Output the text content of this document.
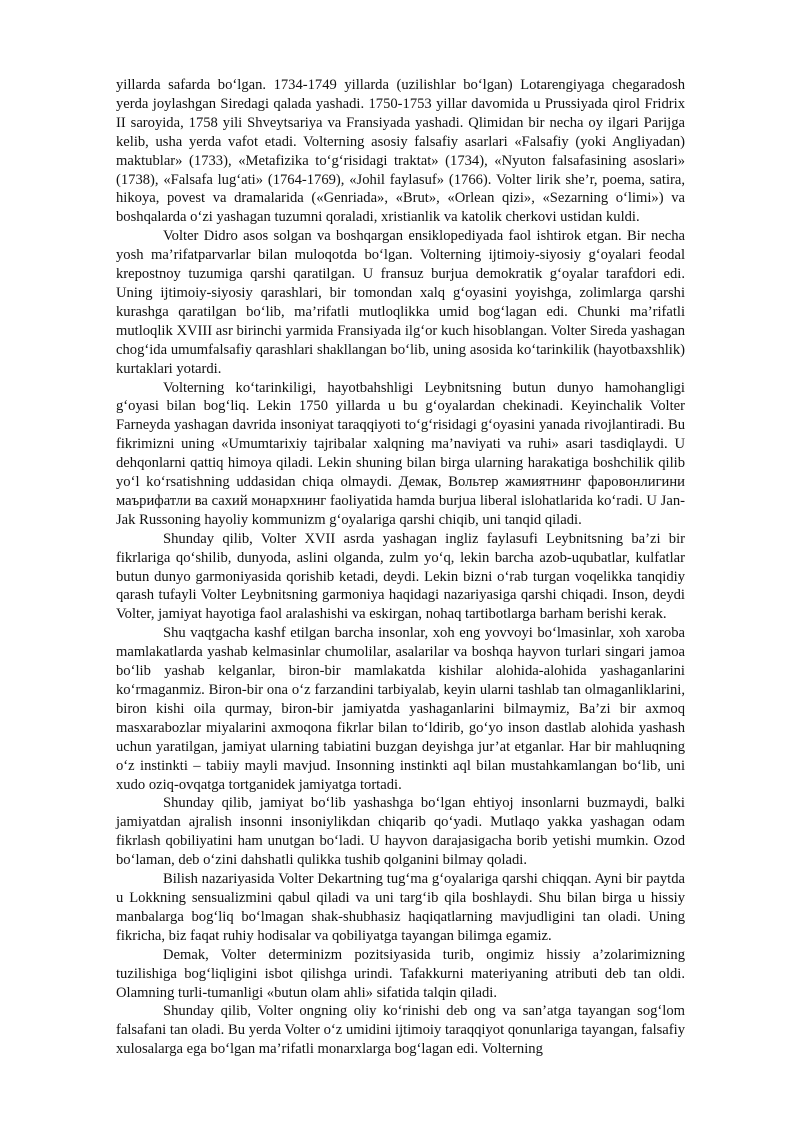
yillarda safarda bo‘lgan. 1734-1749 yillarda (uzilishlar bo‘lgan) Lotarengiyaga chegaradosh yerda joylashgan Siredagi qalada yashadi. 1750-1753 yillar davomida u Prussiyada qirol Fridrix II saroyida, 1758 yili Shveytsariya va Fransiyada yashadi. Qlimidan bir necha oy ilgari Parijga kelib, usha yerda vafot etadi. Volterning asosiy falsafiy asarlari «Falsafiy (yoki Angliyadan) maktublar» (1733), «Metafizika to‘g‘risidagi traktat» (1734), «Nyuton falsafasining asoslari» (1738), «Falsafa lug‘ati» (1764-1769), «Johil faylasuf» (1766). Volter lirik she’r, poema, satira, hikoya, povest va dramalarida («Genriada», «Brut», «Orlean qizi», «Sezarning o‘limi») va boshqalarda o‘zi yashagan tuzumni qoraladi, xristianlik va katolik cherkovi ustidan kuldi.

Volter Didro asos solgan va boshqargan ensiklopediyada faol ishtirok etgan. Bir necha yosh ma’rifatparvarlar bilan muloqotda bo‘lgan. Volterning ijtimoiy-siyosiy g‘oyalari feodal krepostnoy tuzumiga qarshi qaratilgan. U fransuz burjua demokratik g‘oyalar tarafdori edi. Uning ijtimoiy-siyosiy qarashlari, bir tomondan xalq g‘oyasini yoyishga, zolimlarga qarshi kurashga qaratilgan bo‘lib, ma’rifatli mutloqlikka umid bog‘lagan edi. Chunki ma’rifatli mutloqlik XVIII asr birinchi yarmida Fransiyada ilg‘or kuch hisoblangan. Volter Sireda yashagan chog‘ida umumfalsafiy qarashlari shakllangan bo‘lib, uning asosida ko‘tarinkilik (hayotbaxshlik) kurtaklari yotardi.

Volterning ko‘tarinkiligi, hayotbahshligi Leybnitsning butun dunyo hamohangligi g‘oyasi bilan bog‘liq. Lekin 1750 yillarda u bu g‘oyalardan chekinadi. Keyinchalik Volter Farneyda yashagan davrida insoniyat taraqqiyoti to‘g‘risidagi g‘oyasini yanada rivojlantiradi. Bu fikrimizni uning «Umumtarixiy tajribalar xalqning ma’naviyati va ruhi» asari tasdiqlaydi. U dehqonlarni qattiq himoya qiladi. Lekin shuning bilan birga ularning harakatiga boshchilik qilib yo‘l ko‘rsatishning uddasidan chiqa olmaydi. Демак, Вольтер жамиятнинг фаровонлигини маърифатли ва сахий монархнинг faoliyatida hamda burjua liberal islohatlarida ko‘radi. U Jan-Jak Russoning hayoliy kommunizm g‘oyalariga qarshi chiqib, uni tanqid qiladi.

Shunday qilib, Volter XVII asrda yashagan ingliz faylasufi Leybnitsning ba’zi bir fikrlariga qo‘shilib, dunyoda, aslini olganda, zulm yo‘q, lekin barcha azob-uqubatlar, kulfatlar butun dunyo garmoniyasida qorishib ketadi, deydi. Lekin bizni o‘rab turgan voqelikka tanqidiy qarash tufayli Volter Leybnitsning garmoniya haqidagi nazariyasiga qarshi chiqadi. Inson, deydi Volter, jamiyat hayotiga faol aralashishi va eskirgan, nohaq tartibotlarga barham berishi kerak.

Shu vaqtgacha kashf etilgan barcha insonlar, xoh eng yovvoyi bo‘lmasinlar, xoh xaroba mamlakatlarda yashab kelmasinlar chumolilar, asalarilar va boshqa hayvon turlari singari jamoa bo‘lib yashab kelganlar, biron-bir mamlakatda kishilar alohida-alohida yashaganlarini ko‘rmaganmiz. Biron-bir ona o‘z farzandini tarbiyalab, keyin ularni tashlab tan olmaganliklarini, biron kishi oila qurmay, biron-bir jamiyatda yashaganlarini bilmaymiz, Ba’zi bir axmoq masxarabozlar miyalarini axmoqona fikrlar bilan to‘ldirib, go‘yo inson dastlab alohida yashash uchun yaratilgan, jamiyat ularning tabiatini buzgan deyishga jur’at etganlar. Har bir mahluqning o‘z instinkti – tabiiy mayli mavjud. Insonning instinkti aql bilan mustahkamlangan bo‘lib, uni xudo oziq-ovqatga tortganidek jamiyatga tortadi.

Shunday qilib, jamiyat bo‘lib yashashga bo‘lgan ehtiyoj insonlarni buzmaydi, balki jamiyatdan ajralish insonni insoniylikdan chiqarib qo‘yadi. Mutlaqo yakka yashagan odam fikrlash qobiliyatini ham unutgan bo‘ladi. U hayvon darajasigacha borib yetishi mumkin. Ozod bo‘laman, deb o‘zini dahshatli qulikka tushib qolganini bilmay qoladi.

Bilish nazariyasida Volter Dekartning tug‘ma g‘oyalariga qarshi chiqqan. Ayni bir paytda u Lokkning sensualizmini qabul qiladi va uni targ‘ib qila boshlaydi. Shu bilan birga u hissiy manbalarga bog‘liq bo‘lmagan shak-shubhasiz haqiqatlarning mavjudligini tan oladi. Uning fikricha, biz faqat ruhiy hodisalar va qobiliyatga tayangan bilimga egamiz.

Demak, Volter determinizm pozitsiyasida turib, ongimiz hissiy a’zolarimizning tuzilishiga bog‘liqligini isbot qilishga urindi. Tafakkurni materiyaning atributi deb tan oldi. Olamning turli-tumanligi «butun olam ahli» sifatida talqin qiladi.

Shunday qilib, Volter ongning oliy ko‘rinishi deb ong va san’atga tayangan sog‘lom falsafani tan oladi. Bu yerda Volter o‘z umidini ijtimoiy taraqqiyot qonunlariga tayangan, falsafiy xulosalarga ega bo‘lgan ma’rifatli monarxlarga bog‘lagan edi. Volterning
